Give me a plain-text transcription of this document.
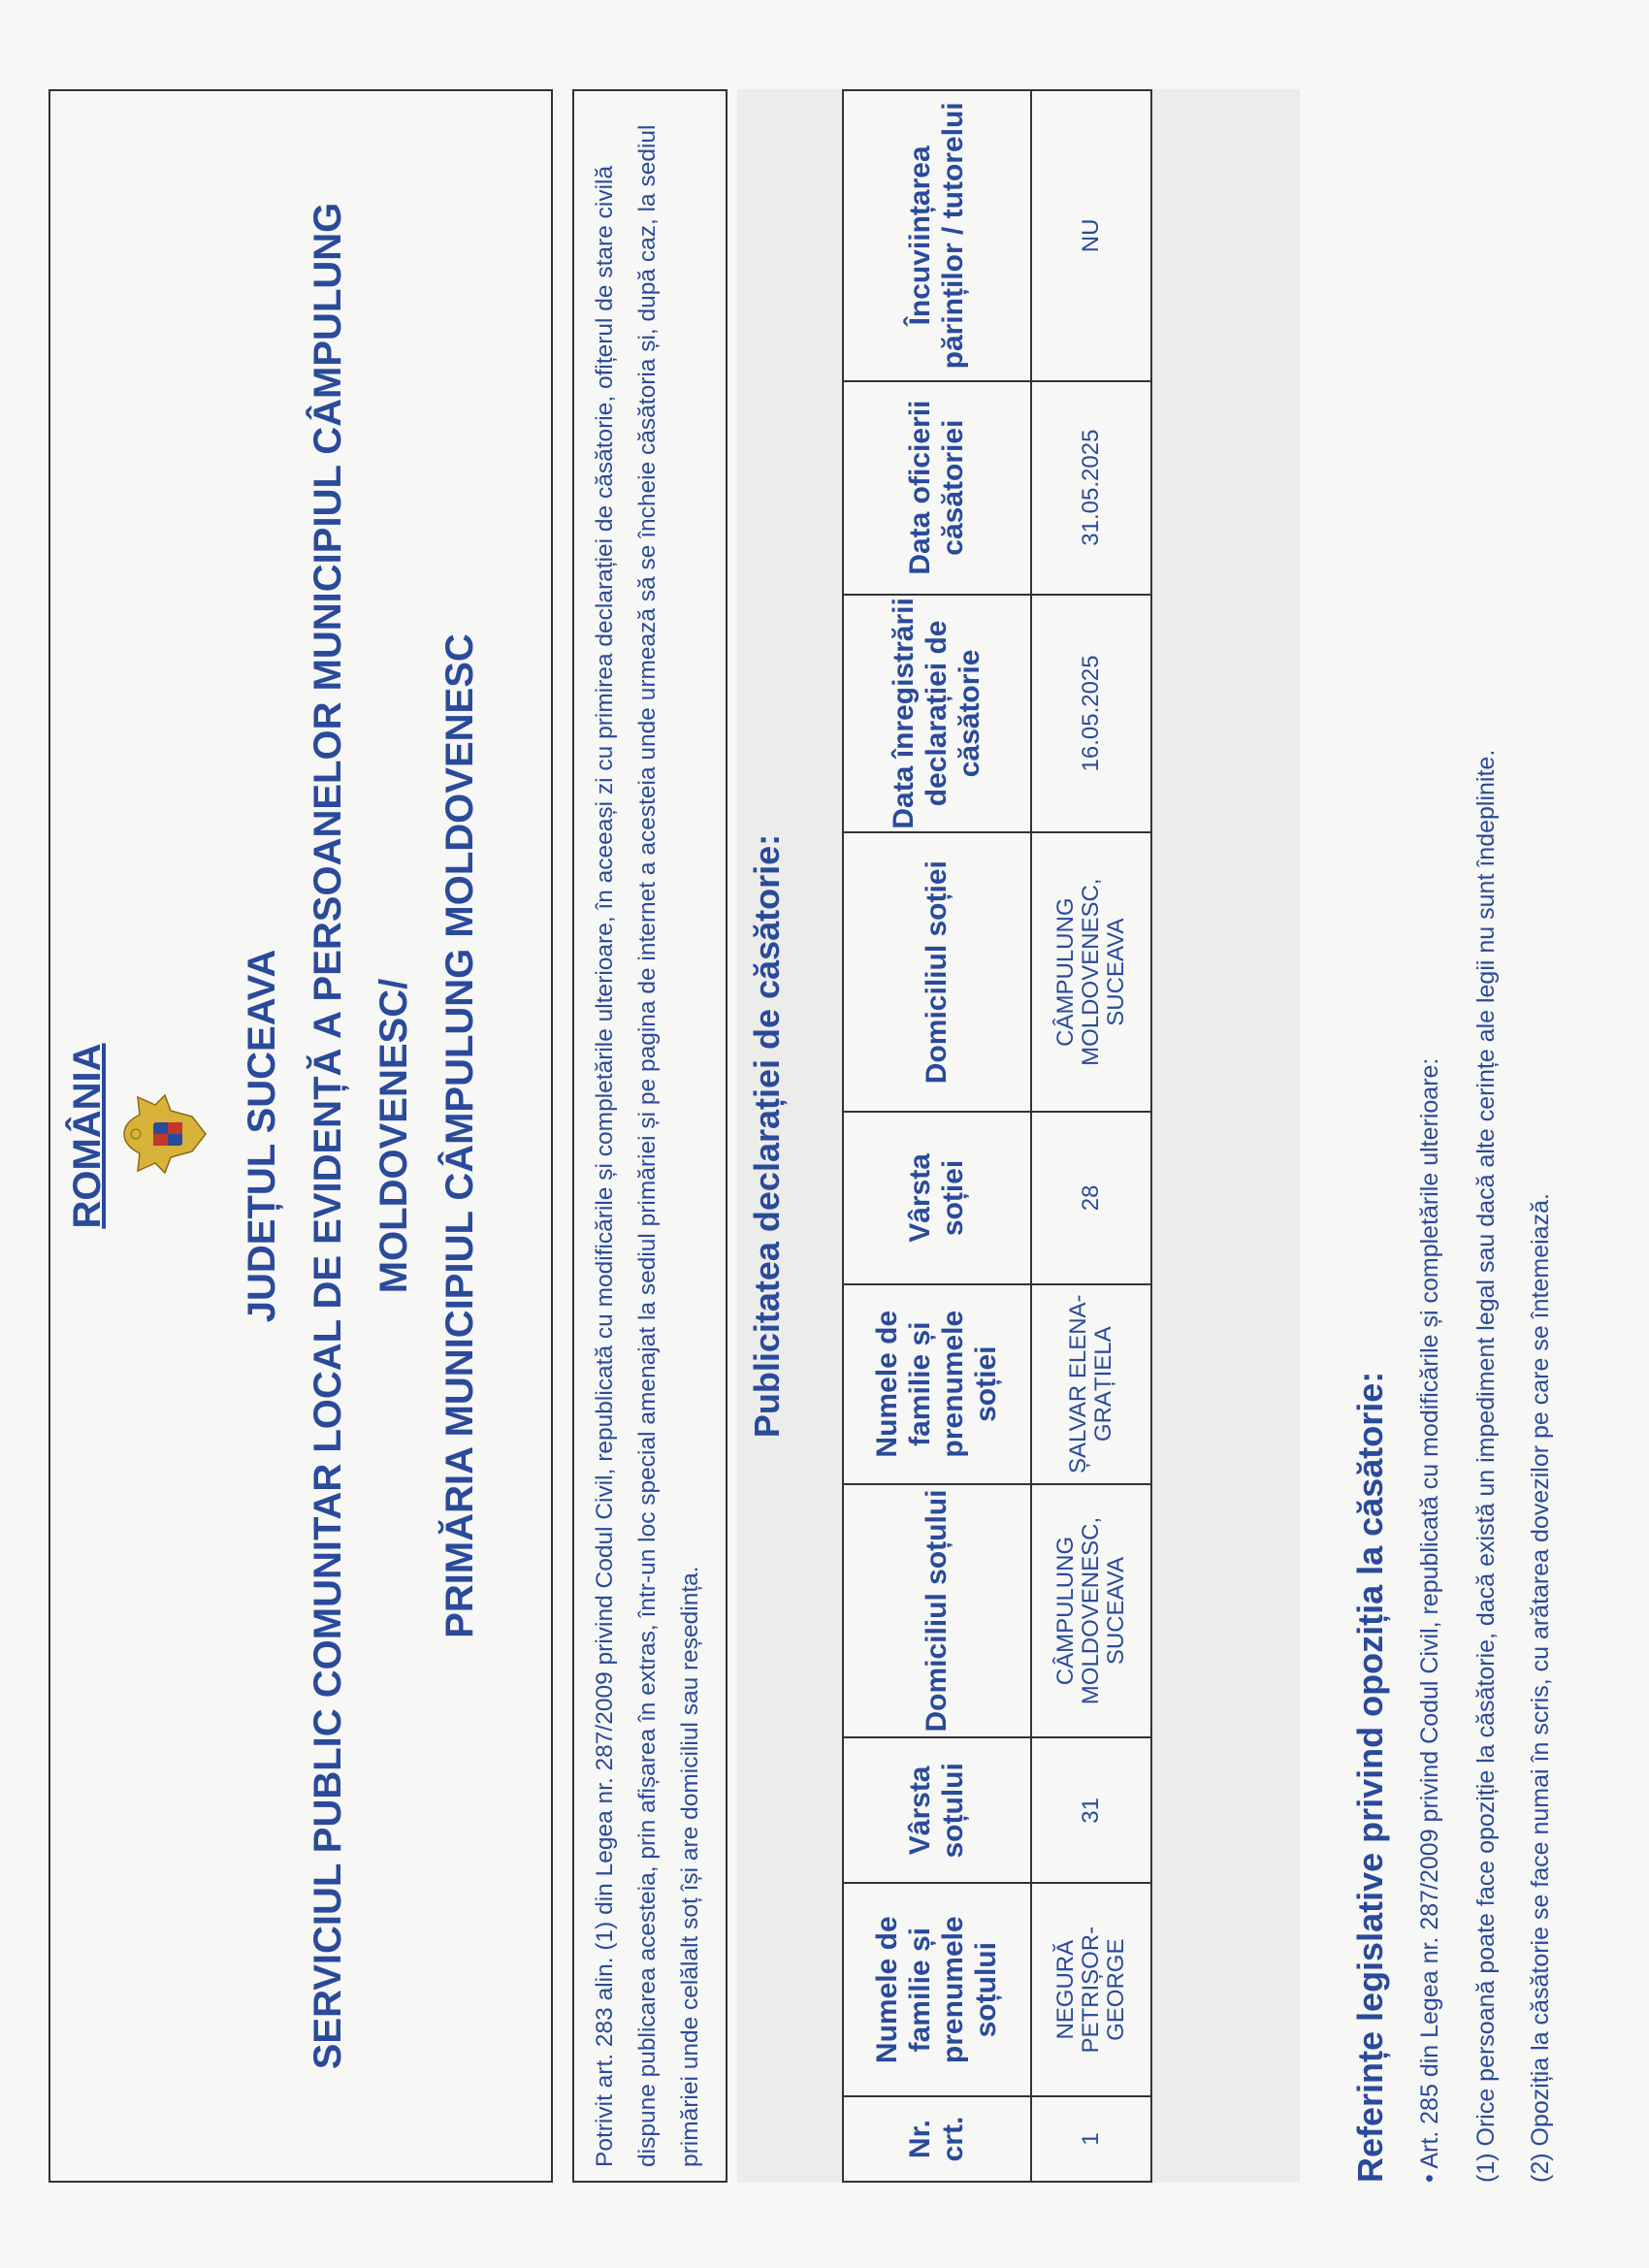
ROMÂNIA	JUDEȚUL SUCEAVA SERVICIUL PUBLIC COMUNITAR LOCAL DE EVIDENȚĂ A PERSOANELOR MUNICIPIUL CÂMPULUNG MOLDOVENESC/ PRIMĂRIA MUNICIPIUL CÂMPULUNG MOLDOVENESC	Potrivit art. 283 alin. (1) din Legea nr. 287/2009 privind Codul Civil, republicată cu modificările și completările ulterioare, în aceeași zi cu primirea declarației de căsătorie, ofițerul de stare civilă dispune publicarea acesteia, prin afișarea în extras, într-un loc special amenajat la sediul primăriei și pe pagina de internet a acesteia unde urmează să se încheie căsătoria și, după caz, la sediul primăriei unde celălalt soț își are domiciliul sau reședința.
Publicitatea declarației de căsătorie:
Nr. crt.	Numele de familie și prenumele soțului	Vârsta soțului	Domiciliul soțului	Numele de familie și prenumele soției	Vârsta soției	Domiciliul soției	Data înregistrării declarației de căsătorie	Data oficierii căsătoriei	Încuviințarea părinților / tutorelui
1	NEGURĂ PETRIȘOR-GEORGE	31	CÂMPULUNG MOLDOVENESC, SUCEAVA	ȘALVAR ELENA-GRAȚIELA	28	CÂMPULUNG MOLDOVENESC, SUCEAVA	16.05.2025	31.05.2025	NU
Referințe legislative privind opoziția la căsătorie: • Art. 285 din Legea nr. 287/2009 privind Codul Civil, republicată cu modificările și completările ulterioare: (1) Orice persoană poate face opoziție la căsătorie, dacă există un impediment legal sau dacă alte cerințe ale legii nu sunt îndeplinite. (2) Opoziția la căsătorie se face numai în scris, cu arătarea dovezilor pe care se întemeiază.
